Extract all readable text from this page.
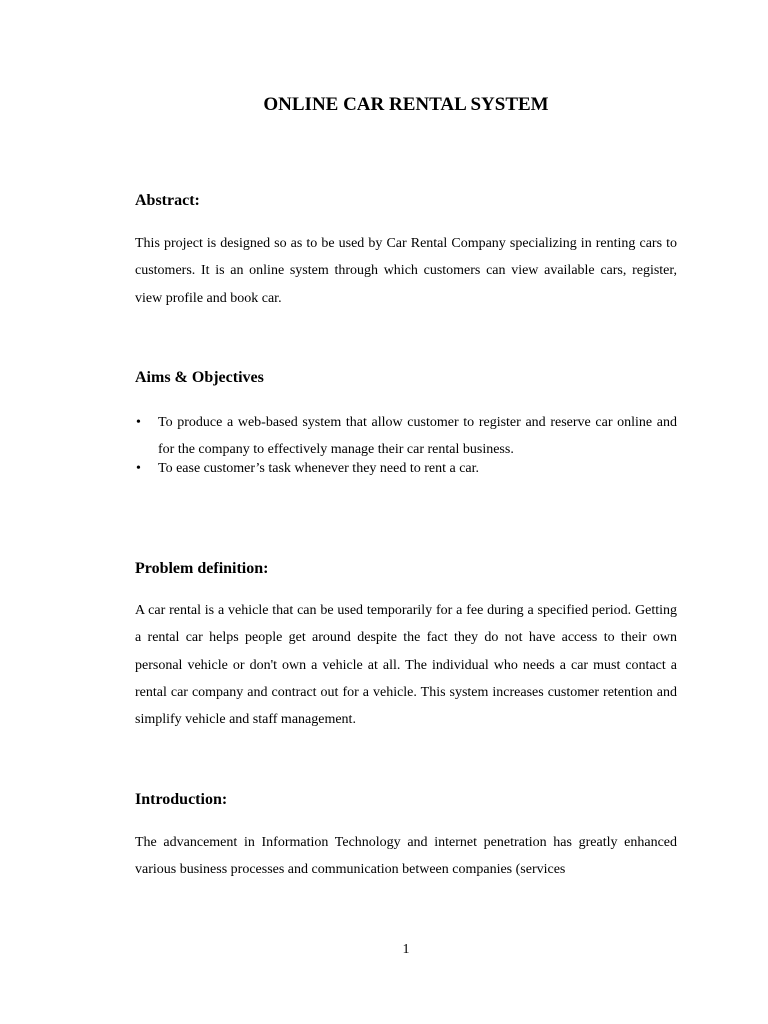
ONLINE CAR RENTAL SYSTEM
Abstract:

This project is designed so as to be used by Car Rental Company specializing in renting cars to customers. It is an online system through which customers can view available cars, register, view profile and book car.

Aims & Objectives
• To produce a web-based system that allow customer to register and reserve car online and for the company to effectively manage their car rental business.
• To ease customer’s task whenever they need to rent a car.
Problem definition:

A car rental is a vehicle that can be used temporarily for a fee during a specified period. Getting a rental car helps people get around despite the fact they do not have access to their own personal vehicle or don't own a vehicle at all. The individual who needs a car must contact a rental car company and contract out for a vehicle. This system increases customer retention and simplify vehicle and staff management.

Introduction:

The advancement in Information Technology and internet penetration has greatly enhanced various business processes and communication between companies (services

1
